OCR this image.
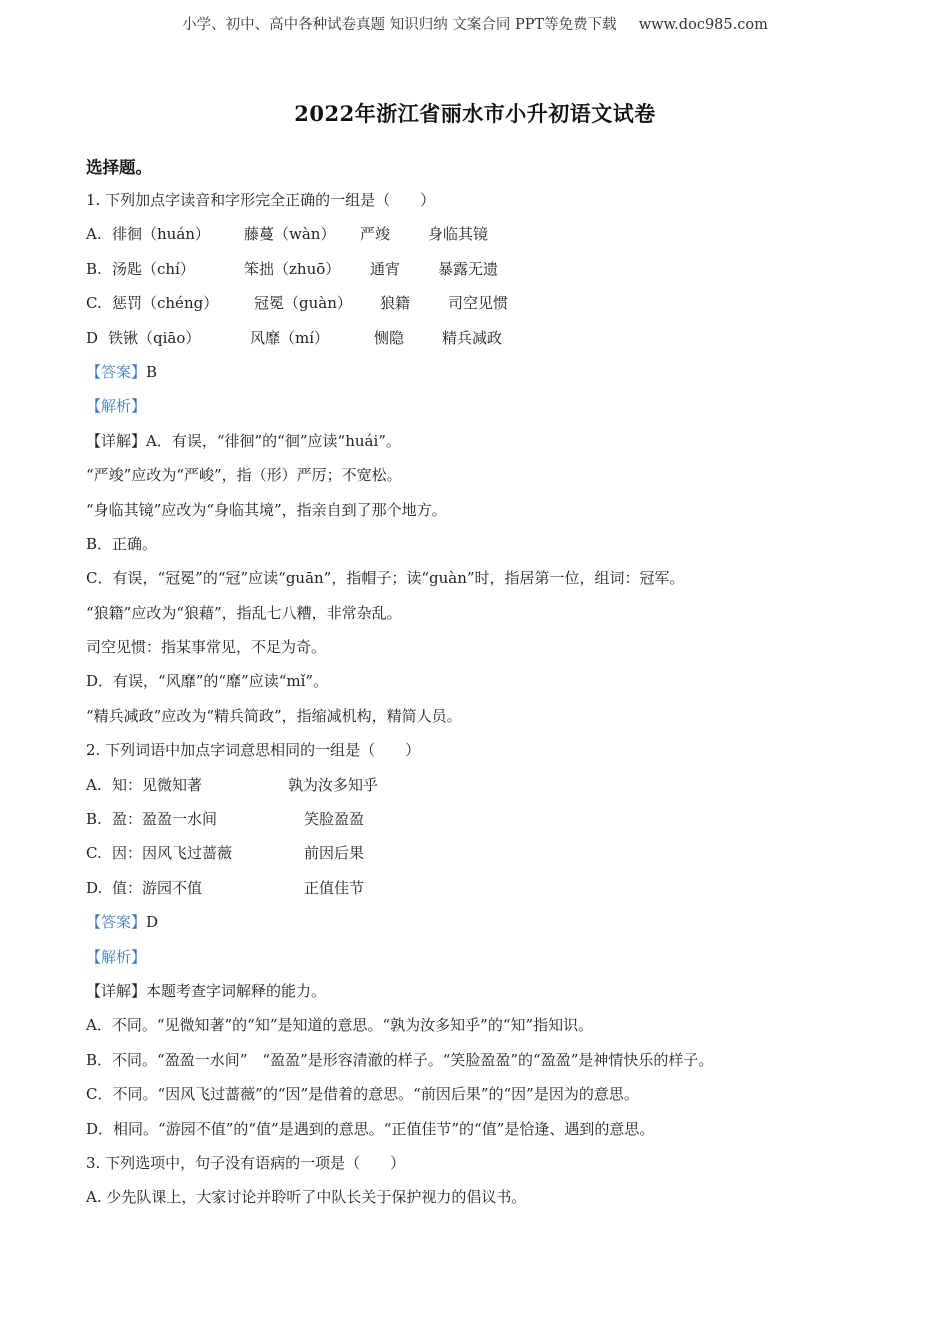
小学、初中、高中各种试卷真题 知识归纳 文案合同 PPT等免费下载 www.doc985.com
2022年浙江省丽水市小升初语文试卷
选择题。
1. 下列加点字读音和字形完全正确的一组是（　　）
A. 徘徊（huán）	藤蔓（wàn）	严竣	身临其镜
B. 汤匙（chí）	笨拙（zhuō）	通宵	暴露无遗
C. 惩罚（chéng）	冠冕（guàn）	狼籍	司空见惯
D 铁锹（qiāo）	风靡（mí）	恻隐	精兵减政
【答案】B
【解析】
【详解】A．有误，“徘徊”的“徊”应读“huái”。
“严竣”应改为“严峻”，指（形）严厉；不宽松。
“身临其镜”应改为“身临其境”，指亲自到了那个地方。
B．正确。
C．有误，“冠冕”的“冠”应读“guān”，指帽子；读“guàn”时，指居第一位，组词：冠军。
“狼籍”应改为“狼藉”，指乱七八糟，非常杂乱。
司空见惯：指某事常见，不足为奇。
D．有误，“风靡”的“靡”应读“mǐ”。
“精兵减政”应改为“精兵简政”，指缩减机构，精简人员。
2. 下列词语中加点字词意思相同的一组是（　　）
A. 知：见微知著	孰为汝多知乎
B. 盈：盈盈一水间	笑脸盈盈
C. 因：因风飞过蔷薇	前因后果
D. 值：游园不值	正值佳节
【答案】D
【解析】
【详解】本题考查字词解释的能力。
A．不同。“见微知著”的“知”是知道的意思。“孰为汝多知乎”的“知”指知识。
B．不同。“盈盈一水间”　“盈盈”是形容清澈的样子。“笑脸盈盈”的“盈盈”是神情快乐的样子。
C．不同。“因风飞过蔷薇”的“因”是借着的意思。“前因后果”的“因”是因为的意思。
D．相同。“游园不值”的“值”是遇到的意思。“正值佳节”的“值”是恰逢、遇到的意思。
3. 下列选项中，句子没有语病的一项是（　　）
A. 少先队课上，大家讨论并聆听了中队长关于保护视力的倡议书。
